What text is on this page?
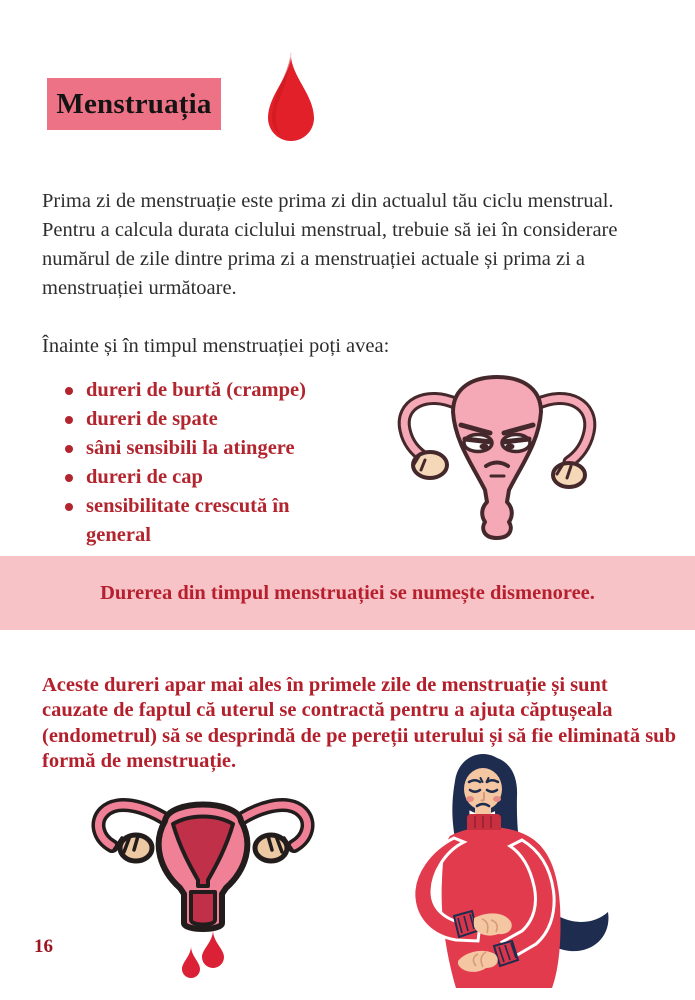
Menstruația

Prima zi de menstruație este prima zi din actualul tău ciclu menstrual. Pentru a calcula durata ciclului menstrual, trebuie să iei în considerare numărul de zile dintre prima zi a menstruației actuale și prima zi a menstruației următoare.

Înainte și în timpul menstruației poți avea:

dureri de burtă (crampe)
dureri de spate
sâni sensibili la atingere
dureri de cap
sensibilitate crescută în general

Durerea din timpul menstruației se numește dismenoree.

Aceste dureri apar mai ales în primele zile de menstruație și sunt cauzate de faptul că uterul se contractă pentru a ajuta căptușeala (endometrul) să se desprindă de pe pereții uterului și să fie eliminată sub formă de menstruație.

16
